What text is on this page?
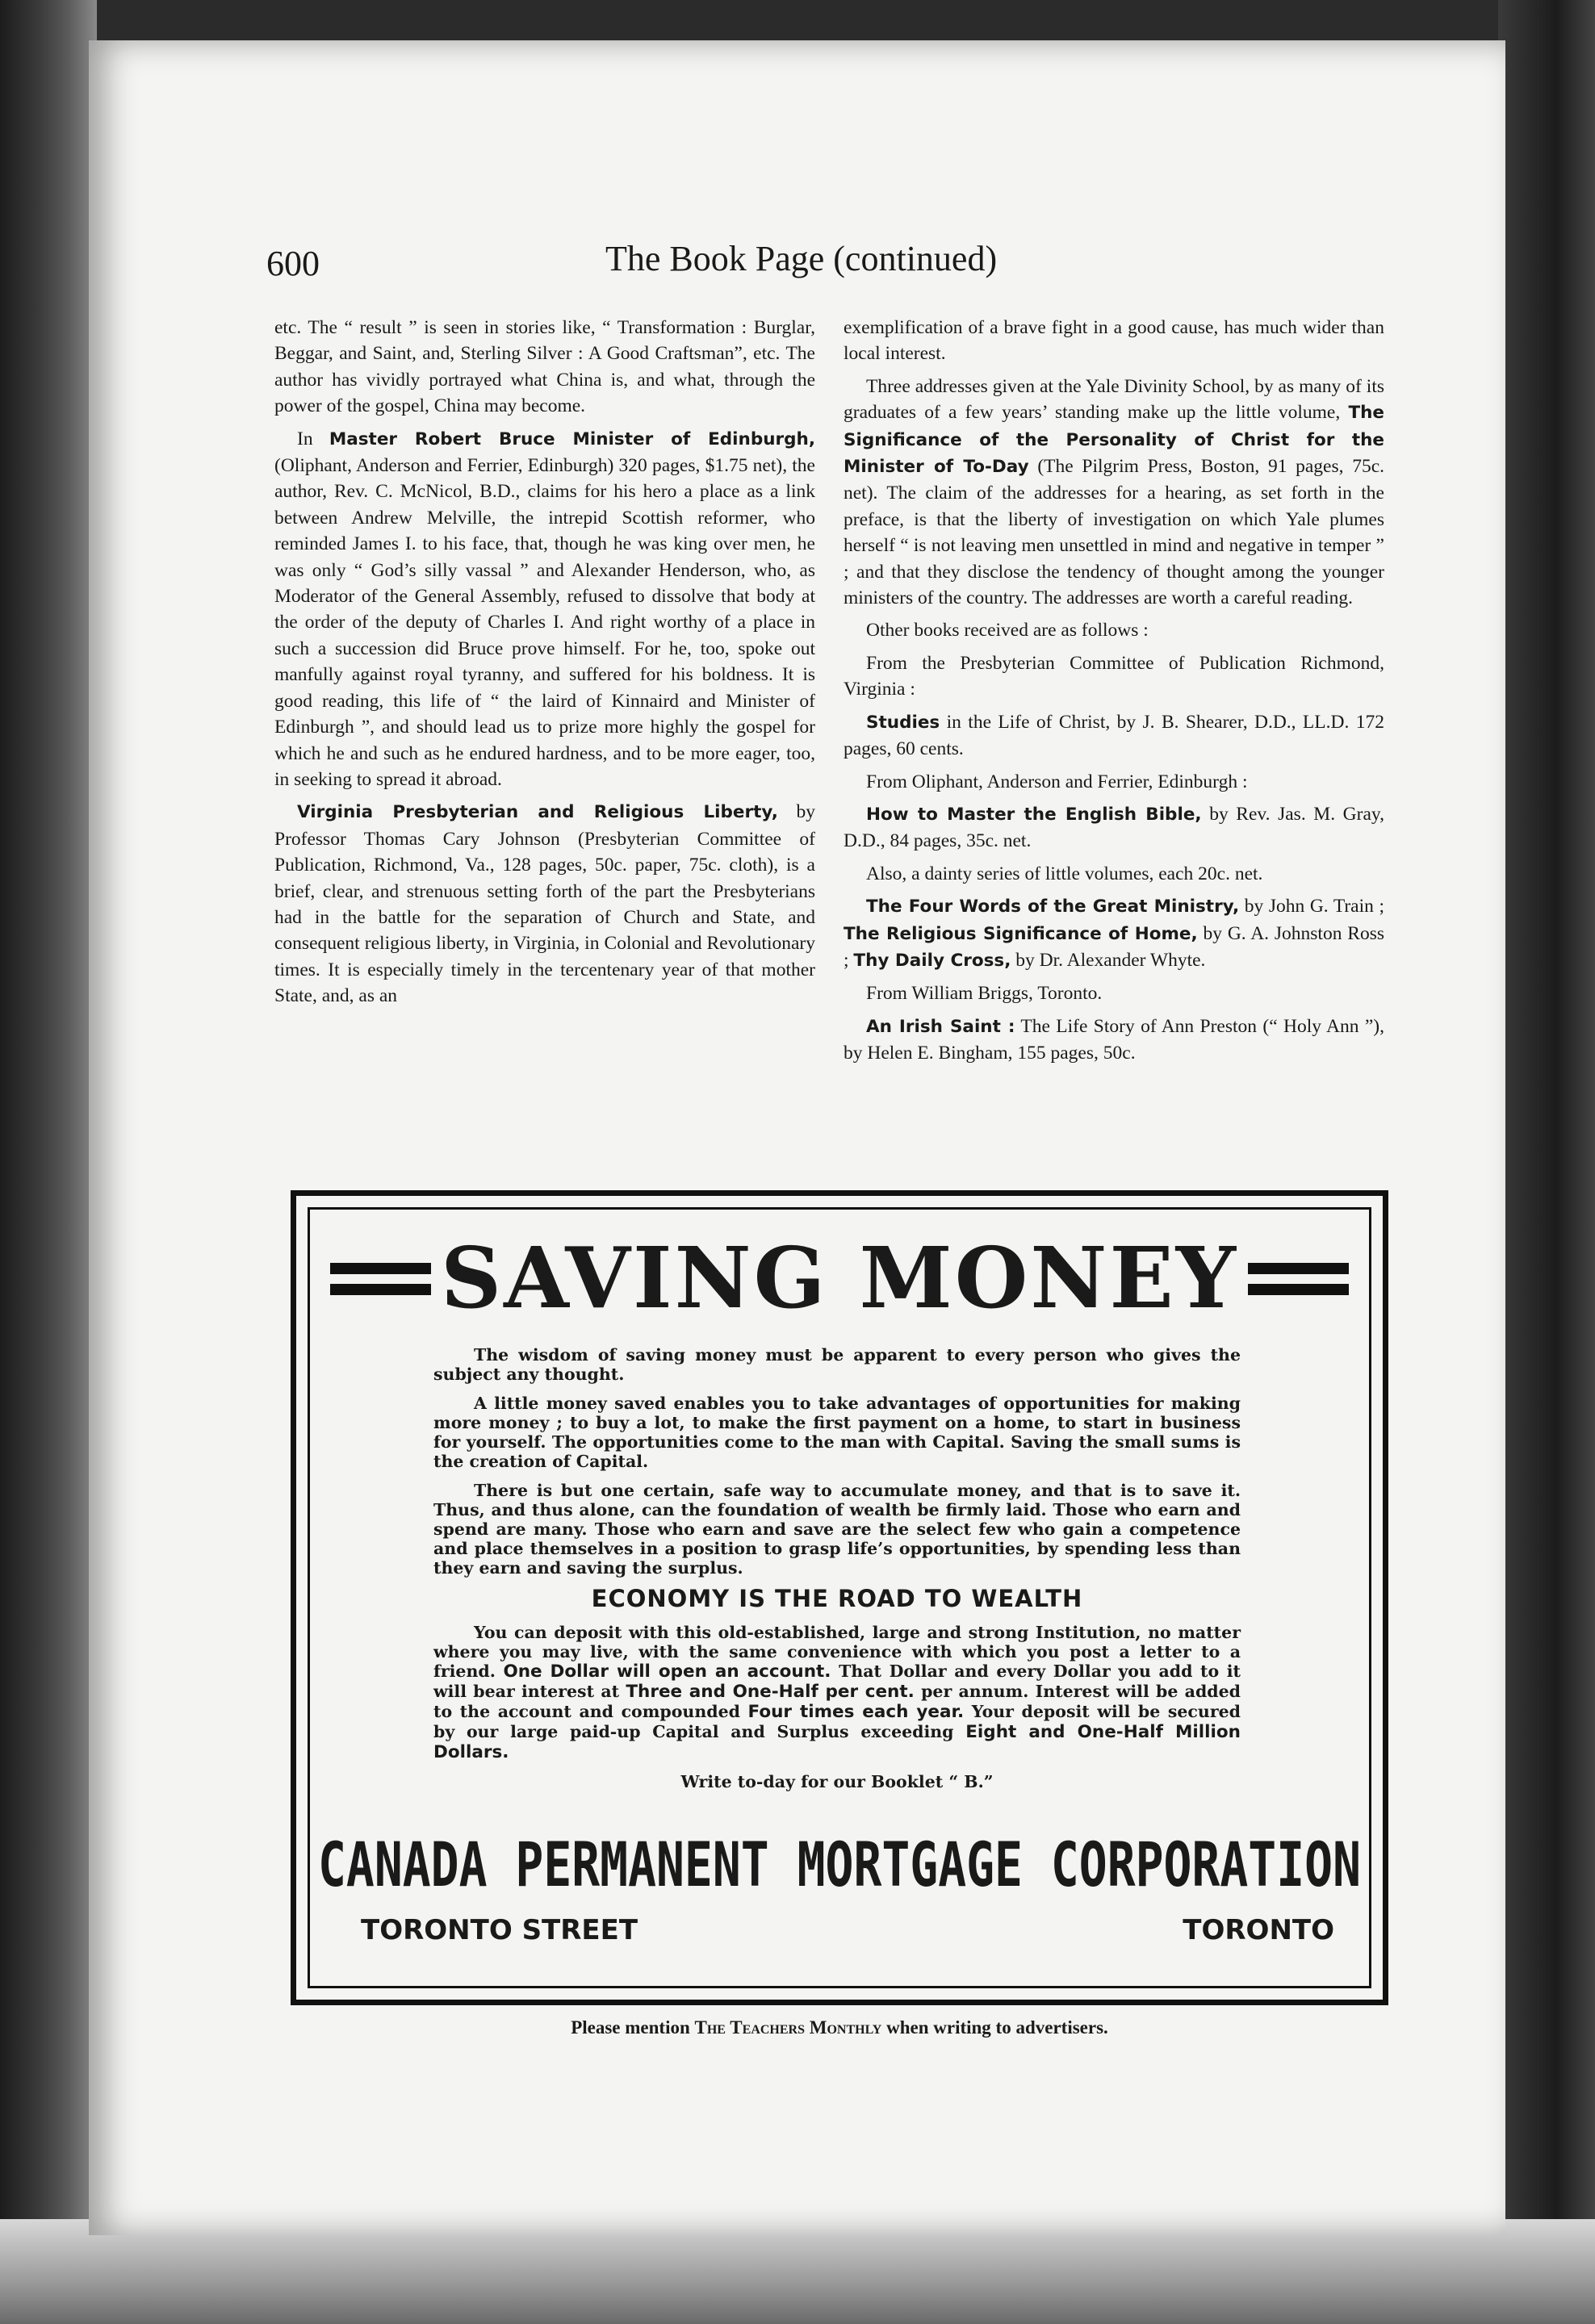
600	The Book Page (continued)

etc. The “ result ” is seen in stories like, “ Transformation : Burglar, Beggar, and Saint, and, Sterling Silver : A Good Craftsman”, etc. The author has vividly portrayed what China is, and what, through the power of the gospel, China may become.

In Master Robert Bruce Minister of Edinburgh, (Oliphant, Anderson and Ferrier, Edinburgh) 320 pages, $1.75 net), the author, Rev. C. McNicol, B.D., claims for his hero a place as a link between Andrew Melville, the intrepid Scottish reformer, who reminded James I. to his face, that, though he was king over men, he was only “ God’s silly vassal ” and Alexander Henderson, who, as Moderator of the General Assembly, refused to dissolve that body at the order of the deputy of Charles I. And right worthy of a place in such a succession did Bruce prove himself. For he, too, spoke out manfully against royal tyranny, and suffered for his boldness. It is good reading, this life of “ the laird of Kinnaird and Minister of Edinburgh ”, and should lead us to prize more highly the gospel for which he and such as he endured hardness, and to be more eager, too, in seeking to spread it abroad.

Virginia Presbyterian and Religious Liberty, by Professor Thomas Cary Johnson (Presbyterian Committee of Publication, Richmond, Va., 128 pages, 50c. paper, 75c. cloth), is a brief, clear, and strenuous setting forth of the part the Presbyterians had in the battle for the separation of Church and State, and consequent religious liberty, in Virginia, in Colonial and Revolutionary times. It is especially timely in the tercentenary year of that mother State, and, as an

exemplification of a brave fight in a good cause, has much wider than local interest.

Three addresses given at the Yale Divinity School, by as many of its graduates of a few years’ standing make up the little volume, The Significance of the Personality of Christ for the Minister of To-Day (The Pilgrim Press, Boston, 91 pages, 75c. net). The claim of the addresses for a hearing, as set forth in the preface, is that the liberty of investigation on which Yale plumes herself “ is not leaving men unsettled in mind and negative in temper ” ; and that they disclose the tendency of thought among the younger ministers of the country. The addresses are worth a careful reading.

Other books received are as follows :

From the Presbyterian Committee of Publication Richmond, Virginia :

Studies in the Life of Christ, by J. B. Shearer, D.D., LL.D. 172 pages, 60 cents.

From Oliphant, Anderson and Ferrier, Edinburgh :

How to Master the English Bible, by Rev. Jas. M. Gray, D.D., 84 pages, 35c. net.

Also, a dainty series of little volumes, each 20c. net.

The Four Words of the Great Ministry, by John G. Train ; The Religious Significance of Home, by G. A. Johnston Ross ; Thy Daily Cross, by Dr. Alexander Whyte.

From William Briggs, Toronto.

An Irish Saint : The Life Story of Ann Preston (“ Holy Ann ”), by Helen E. Bingham, 155 pages, 50c.

SAVING MONEY

The wisdom of saving money must be apparent to every person who gives the subject any thought.

A little money saved enables you to take advantages of opportunities for making more money ; to buy a lot, to make the first payment on a home, to start in business for yourself. The opportunities come to the man with Capital. Saving the small sums is the creation of Capital.

There is but one certain, safe way to accumulate money, and that is to save it. Thus, and thus alone, can the foundation of wealth be firmly laid. Those who earn and spend are many. Those who earn and save are the select few who gain a competence and place themselves in a position to grasp life’s opportunities, by spending less than they earn and saving the surplus.

ECONOMY IS THE ROAD TO WEALTH

You can deposit with this old-established, large and strong Institution, no matter where you may live, with the same convenience with which you post a letter to a friend. One Dollar will open an account. That Dollar and every Dollar you add to it will bear interest at Three and One-Half per cent. per annum. Interest will be added to the account and compounded Four times each year. Your deposit will be secured by our large paid-up Capital and Surplus exceeding Eight and One-Half Million Dollars.

Write to-day for our Booklet “ B.”

CANADA PERMANENT MORTGAGE CORPORATION
TORONTO STREET	TORONTO
Please mention The Teachers Monthly when writing to advertisers.
